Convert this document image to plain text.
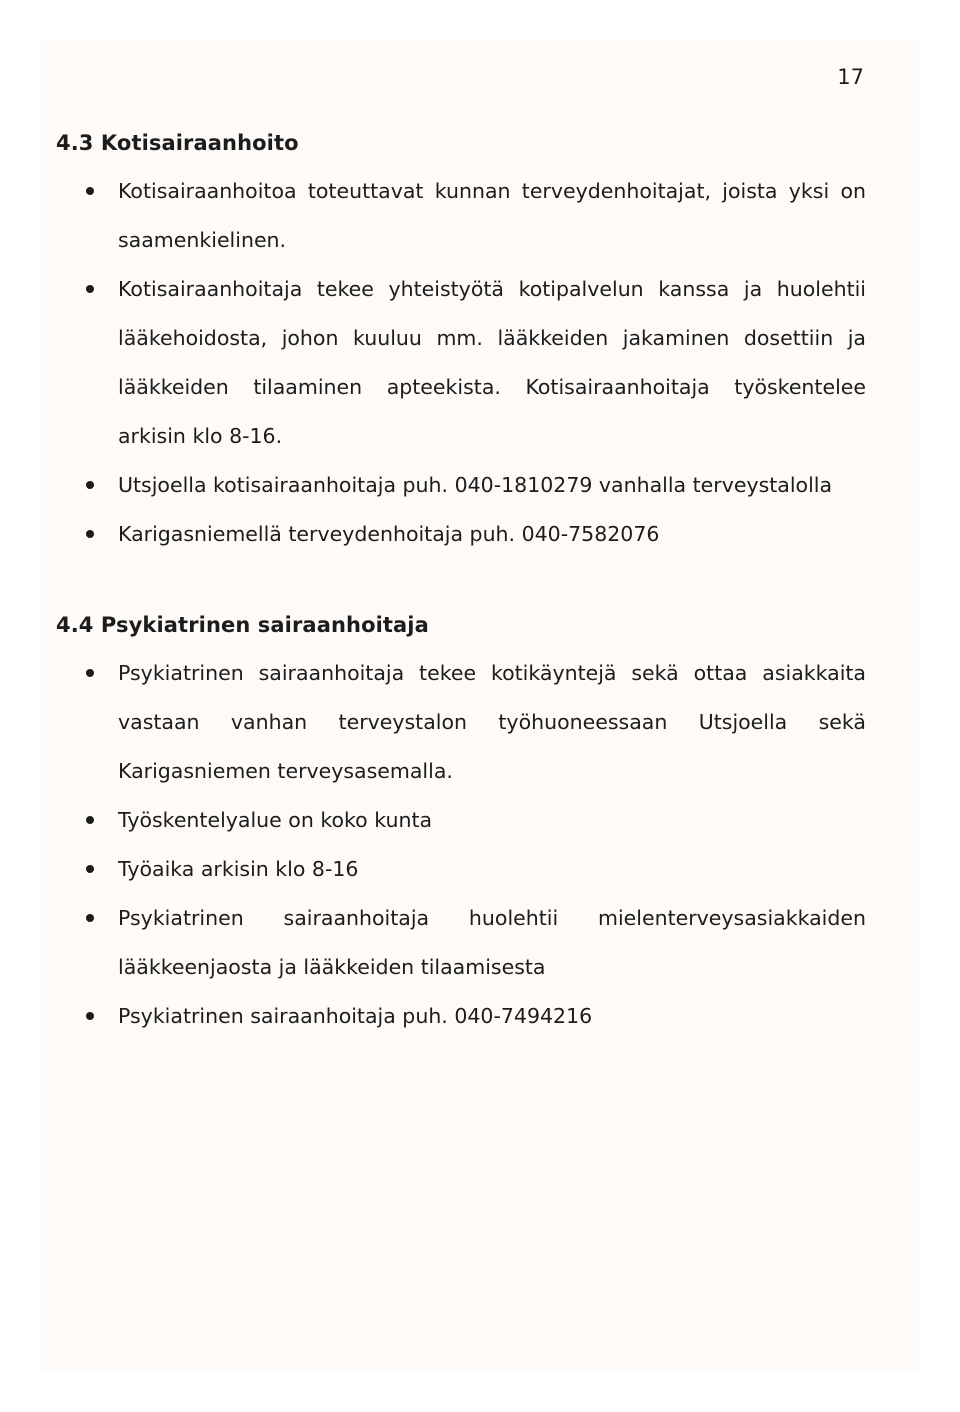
17
4.3 Kotisairaanhoito
Kotisairaanhoitoa toteuttavat kunnan terveydenhoitajat, joista yksi on saamenkielinen.
Kotisairaanhoitaja tekee yhteistyötä kotipalvelun kanssa ja huolehtii lääkehoidosta, johon kuuluu mm. lääkkeiden jakaminen dosettiin ja lääkkeiden tilaaminen apteekista. Kotisairaanhoitaja työskentelee arkisin klo 8-16.
Utsjoella kotisairaanhoitaja puh. 040-1810279 vanhalla terveystalolla
Karigasniemellä terveydenhoitaja puh. 040-7582076
4.4 Psykiatrinen sairaanhoitaja
Psykiatrinen sairaanhoitaja tekee kotikäyntejä sekä ottaa asiakkaita vastaan vanhan terveystalon työhuoneessaan Utsjoella sekä Karigasniemen terveysasemalla.
Työskentelyalue on koko kunta
Työaika arkisin klo 8-16
Psykiatrinen sairaanhoitaja huolehtii mielenterveysasiakkaiden lääkkeenjaosta ja lääkkeiden tilaamisesta
Psykiatrinen sairaanhoitaja puh. 040-7494216
